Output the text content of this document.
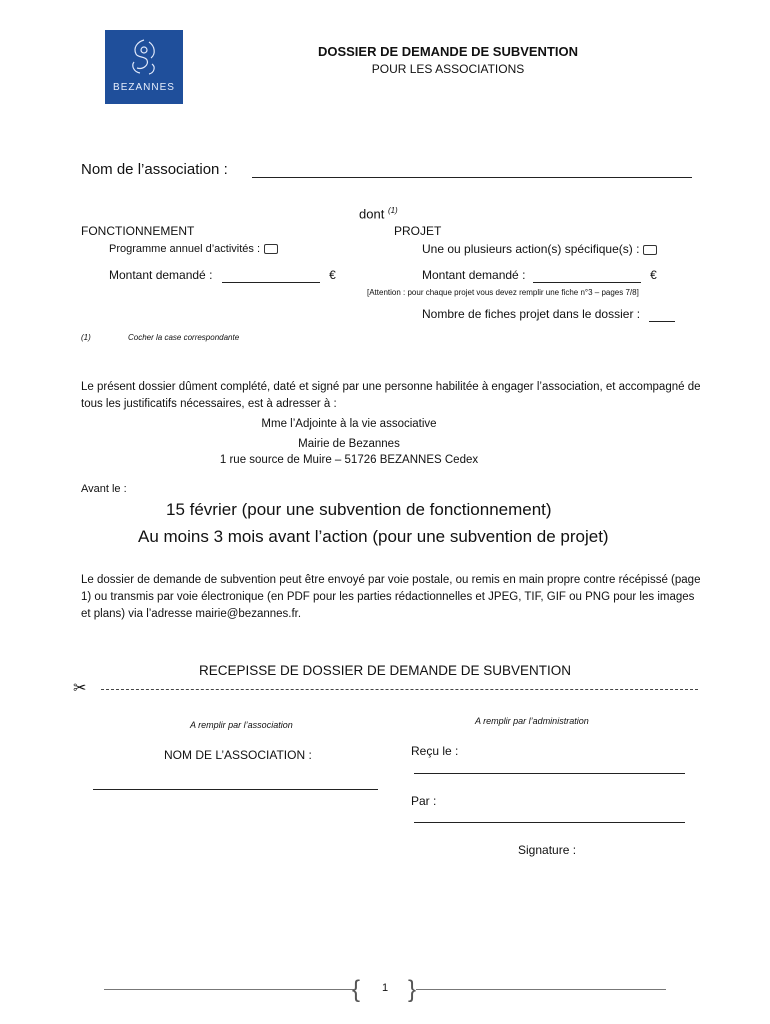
BEZANNES
DOSSIER DE DEMANDE DE SUBVENTION
POUR LES ASSOCIATIONS
Nom de l’association :
dont $^{(1)}$
FONCTIONNEMENT
Programme annuel d’activités :
Montant demandé :	€
PROJET
Une ou plusieurs action(s) spécifique(s) :
Montant demandé :	€
[Attention : pour chaque projet vous devez remplir une fiche n°3 – pages 7/8]
Nombre de fiches projet dans le dossier :
(1)	Cocher la case correspondante
Le présent dossier dûment complété, daté et signé par une personne habilitée à engager l’association, et accompagné de tous les justificatifs nécessaires, est à adresser à :
Mme l’Adjointe à la vie associative
Mairie de Bezannes
1 rue source de Muire – 51726 BEZANNES Cedex
Avant le :
15 février (pour une subvention de fonctionnement)
Au moins 3 mois avant l’action (pour une subvention de projet)
Le dossier de demande de subvention peut être envoyé par voie postale, ou remis en main propre contre récépissé (page 1) ou transmis par voie électronique (en PDF pour les parties rédactionnelles et JPEG, TIF, GIF ou PNG pour les images et plans) via l’adresse mairie@bezannes.fr.
RECEPISSE DE DOSSIER DE DEMANDE DE SUBVENTION
✂
A remplir par l’association	A remplir par l’administration
NOM DE L’ASSOCIATION :	Reçu le :
Par :
Signature :
{ }
1
